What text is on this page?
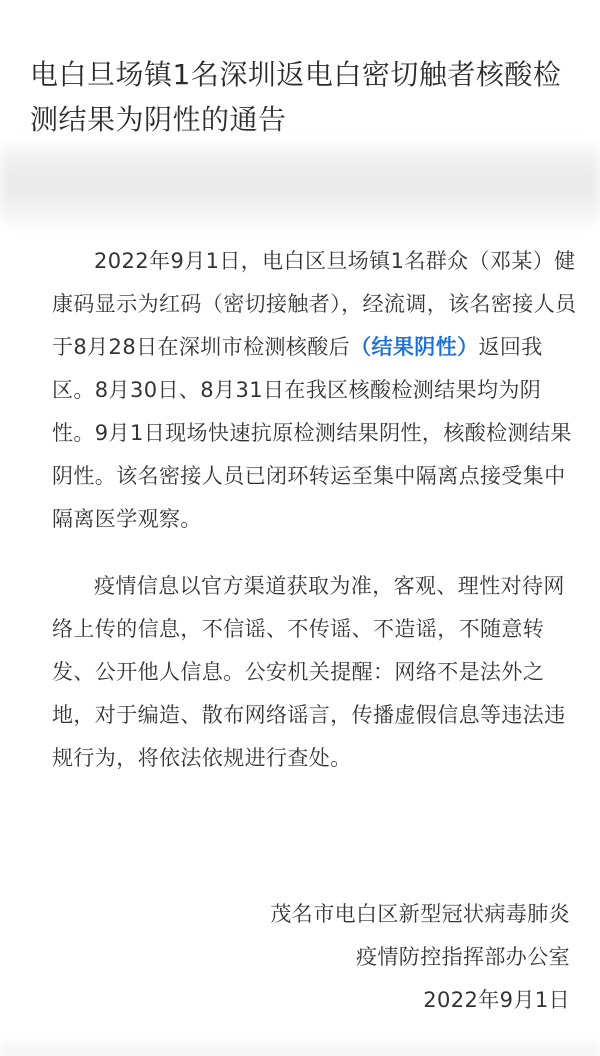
电白旦场镇1名深圳返电白密切触者核酸检测结果为阴性的通告

2022年9月1日，电白区旦场镇1名群众（邓某）健康码显示为红码（密切接触者），经流调，该名密接人员于8月28日在深圳市检测核酸后（结果阴性）返回我区。8月30日、8月31日在我区核酸检测结果均为阴性。9月1日现场快速抗原检测结果阴性，核酸检测结果阴性。该名密接人员已闭环转运至集中隔离点接受集中隔离医学观察。

疫情信息以官方渠道获取为准，客观、理性对待网络上传的信息，不信谣、不传谣、不造谣，不随意转发、公开他人信息。公安机关提醒：网络不是法外之地，对于编造、散布网络谣言，传播虚假信息等违法违规行为，将依法依规进行查处。

茂名市电白区新型冠状病毒肺炎

疫情防控指挥部办公室

2022年9月1日
